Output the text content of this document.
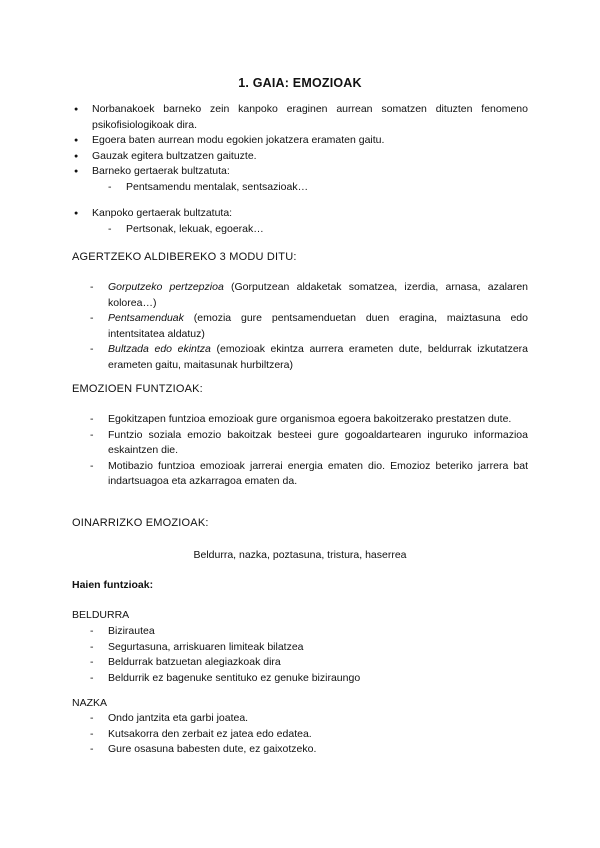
1. GAIA: EMOZIOAK
● Norbanakoek barneko zein kanpoko eraginen aurrean somatzen dituzten fenomeno psikofisiologikoak dira.
● Egoera baten aurrean modu egokien jokatzera eramaten gaitu.
● Gauzak egitera bultzatzen gaituzte.
● Barneko gertaerak bultzatuta:
- Pentsamendu mentalak, sentsazioak…
● Kanpoko gertaerak bultzatuta:
- Pertsonak, lekuak, egoerak…
AGERTZEKO ALDIBEREKO 3 MODU DITU:
- Gorputzeko pertzepzioa (Gorputzean aldaketak somatzea, izerdia, arnasa, azalaren kolorea…)
- Pentsamenduak (emozia gure pentsamenduetan duen eragina, maiztasuna edo intentsitatea aldatuz)
- Bultzada edo ekintza (emozioak ekintza aurrera erameten dute, beldurrak izkutatzera erameten gaitu, maitasunak hurbiltzera)
EMOZIOEN FUNTZIOAK:
- Egokitzapen funtzioa emozioak gure organismoa egoera bakoitzerako prestatzen dute.
- Funtzio soziala emozio bakoitzak besteei gure gogoaldartearen inguruko informazioa eskaintzen die.
- Motibazio funtzioa emozioak jarrerai energia ematen dio. Emozioz beteriko jarrera bat indartsuagoa eta azkarragoa ematen da.
OINARRIZKO EMOZIOAK:
Beldurra, nazka, poztasuna, tristura, haserrea
Haien funtzioak:
BELDURRA
- Bizirautea
- Segurtasuna, arriskuaren limiteak bilatzea
- Beldurrak batzuetan alegiazkoak dira
- Beldurrik ez bagenuke sentituko ez genuke biziraungo
NAZKA
- Ondo jantzita eta garbi joatea.
- Kutsakorra den zerbait ez jatea edo edatea.
- Gure osasuna babesten dute, ez gaixotzeko.
